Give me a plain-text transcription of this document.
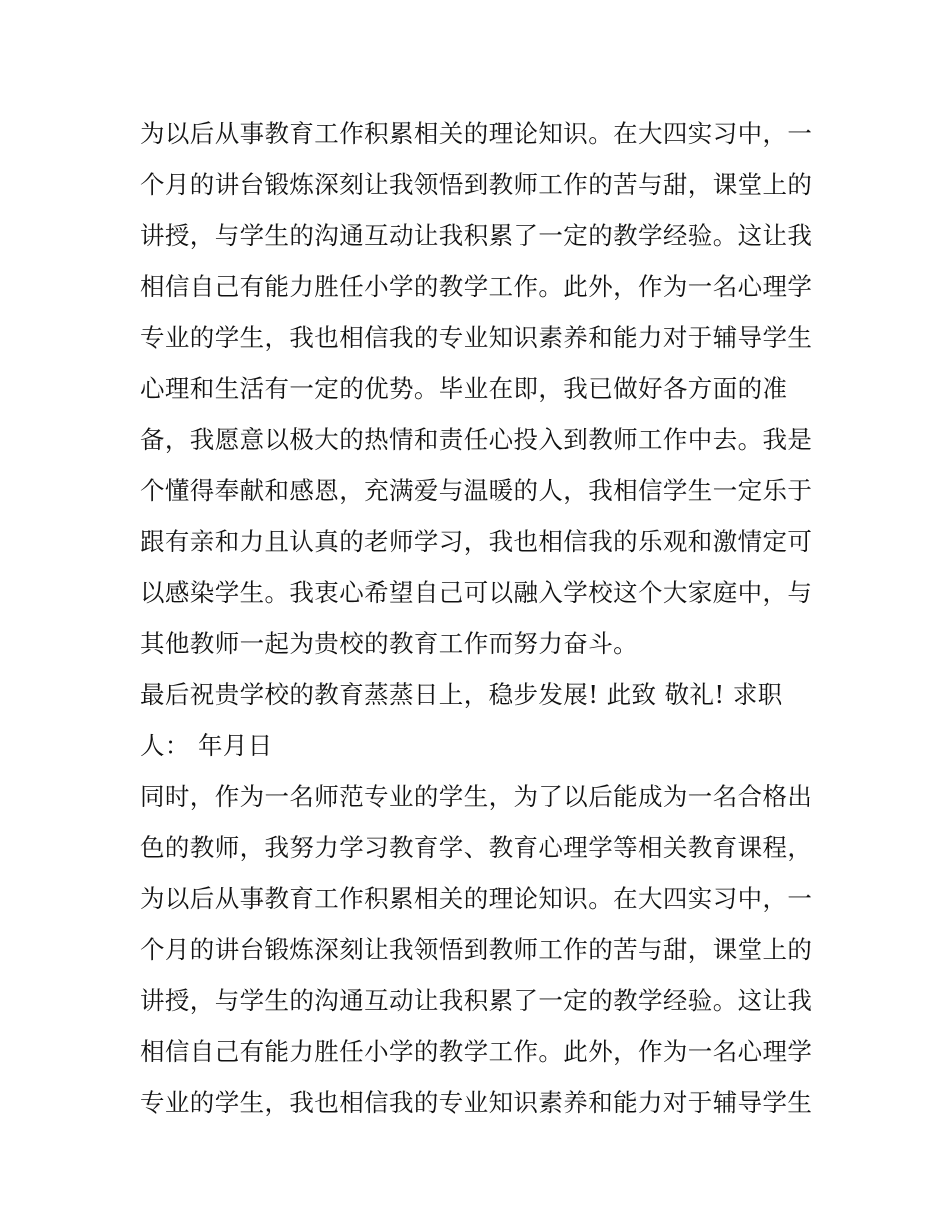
为以后从事教育工作积累相关的理论知识。在大四实习中，一
个月的讲台锻炼深刻让我领悟到教师工作的苦与甜，课堂上的
讲授，与学生的沟通互动让我积累了一定的教学经验。这让我
相信自己有能力胜任小学的教学工作。此外，作为一名心理学
专业的学生，我也相信我的专业知识素养和能力对于辅导学生
心理和生活有一定的优势。毕业在即，我已做好各方面的准
备，我愿意以极大的热情和责任心投入到教师工作中去。我是
个懂得奉献和感恩，充满爱与温暖的人，我相信学生一定乐于
跟有亲和力且认真的老师学习，我也相信我的乐观和激情定可
以感染学生。我衷心希望自己可以融入学校这个大家庭中，与
其他教师一起为贵校的教育工作而努力奋斗。
最后祝贵学校的教育蒸蒸日上，稳步发展! 此致 敬礼! 求职
人： 年月日
同时，作为一名师范专业的学生，为了以后能成为一名合格出
色的教师，我努力学习教育学、教育心理学等相关教育课程，
为以后从事教育工作积累相关的理论知识。在大四实习中，一
个月的讲台锻炼深刻让我领悟到教师工作的苦与甜，课堂上的
讲授，与学生的沟通互动让我积累了一定的教学经验。这让我
相信自己有能力胜任小学的教学工作。此外，作为一名心理学
专业的学生，我也相信我的专业知识素养和能力对于辅导学生
